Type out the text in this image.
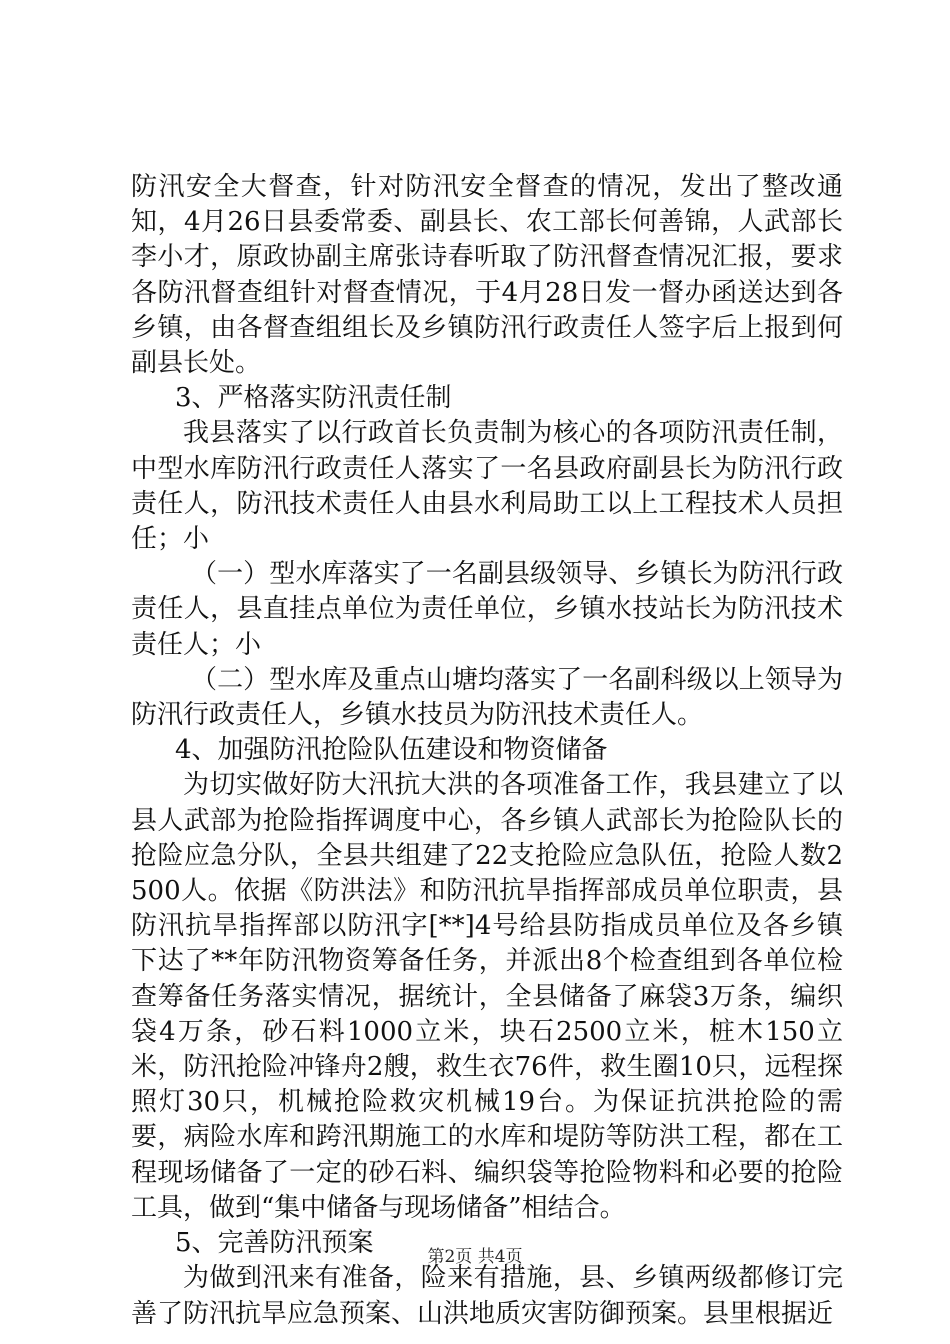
防汛安全大督查，针对防汛安全督查的情况，发出了整改通知，4月26日县委常委、副县长、农工部长何善锦，人武部长李小才，原政协副主席张诗春听取了防汛督查情况汇报，要求各防汛督查组针对督查情况，于4月28日发一督办函送达到各乡镇，由各督查组组长及乡镇防汛行政责任人签字后上报到何副县长处。

3、严格落实防汛责任制

我县落实了以行政首长负责制为核心的各项防汛责任制，中型水库防汛行政责任人落实了一名县政府副县长为防汛行政责任人，防汛技术责任人由县水利局助工以上工程技术人员担任；小

（一）型水库落实了一名副县级领导、乡镇长为防汛行政责任人，县直挂点单位为责任单位，乡镇水技站长为防汛技术责任人；小

（二）型水库及重点山塘均落实了一名副科级以上领导为防汛行政责任人，乡镇水技员为防汛技术责任人。

4、加强防汛抢险队伍建设和物资储备

为切实做好防大汛抗大洪的各项准备工作，我县建立了以县人武部为抢险指挥调度中心，各乡镇人武部长为抢险队长的抢险应急分队，全县共组建了22支抢险应急队伍，抢险人数2500人。依据《防洪法》和防汛抗旱指挥部成员单位职责，县防汛抗旱指挥部以防汛字[**]4号给县防指成员单位及各乡镇下达了**年防汛物资筹备任务，并派出8个检查组到各单位检查筹备任务落实情况，据统计，全县储备了麻袋3万条，编织袋4万条，砂石料1000立米，块石2500立米，桩木150立米，防汛抢险冲锋舟2艘，救生衣76件，救生圈10只，远程探照灯30只，机械抢险救灾机械19台。为保证抗洪抢险的需要，病险水库和跨汛期施工的水库和堤防等防洪工程，都在工程现场储备了一定的砂石料、编织袋等抢险物料和必要的抢险工具，做到“集中储备与现场储备”相结合。

5、完善防汛预案

为做到汛来有准备，险来有措施，县、乡镇两级都修订完善了防汛抗旱应急预案、山洪地质灾害防御预案。县里根据近

第2页 共4页
